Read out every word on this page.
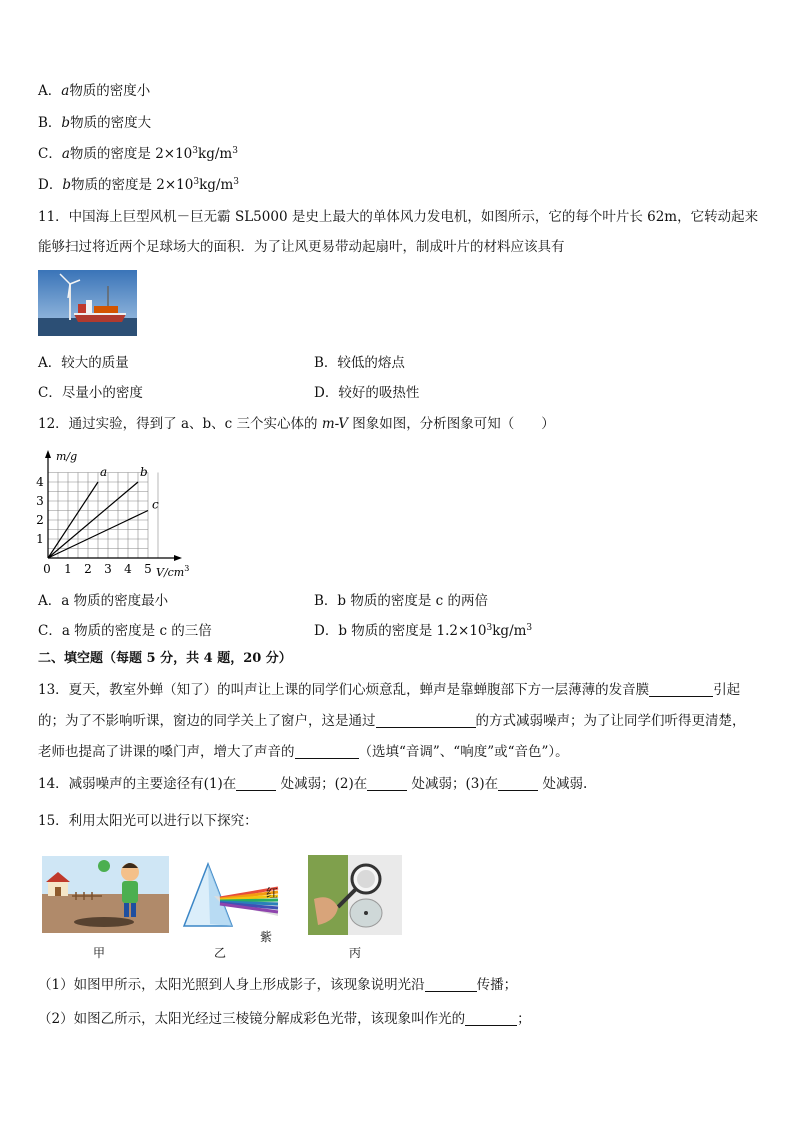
A．a物质的密度小
B．b物质的密度大
C．a物质的密度是 $2\times 10^3kg/m^3$
D．b物质的密度是 $2\times 10^3kg/m^3$
11．中国海上巨型风机－巨无霸 SL5000 是史上最大的单体风力发电机，如图所示，它的每个叶片长 62m，它转动起来
能够扫过将近两个足球场大的面积．为了让风更易带动起扇叶，制成叶片的材料应该具有
A．较大的质量	B．较低的熔点
C．尽量小的密度	D．较好的吸热性
12．通过实验，得到了 a、b、c 三个实心体的 m-V 图象如图，分析图象可知（　　）
0 1 2 3 4 5
1
2
3
4
m/g
$V/cm^3$
a	b
c
A．a 物质的密度最小	B．b 物质的密度是 c 的两倍
C．a 物质的密度是 c 的三倍	D．b 物质的密度是 $1.2\times 10^3kg/m^3$
二、填空题（每题 5 分，共 4 题，20 分）
13．夏天，教室外蝉（知了）的叫声让上课的同学们心烦意乱，蝉声是靠蝉腹部下方一层薄薄的发音膜	引起的；为了不影响听课，窗边的同学关上了窗户，这是通过	的方式减弱噪声；为了让同学们听得更清楚，老师也提高了讲课的嗓门声，增大了声音的	（选填“音调”、“响度”或“音色”）。
14．减弱噪声的主要途径有(1)在	处减弱；(2)在	处减弱；(3)在	处减弱.
15．利用太阳光可以进行以下探究：
甲
红
紫
乙	丙
（1）如图甲所示，太阳光照到人身上形成影子，该现象说明光沿	传播；
（2）如图乙所示，太阳光经过三棱镜分解成彩色光带，该现象叫作光的	；
